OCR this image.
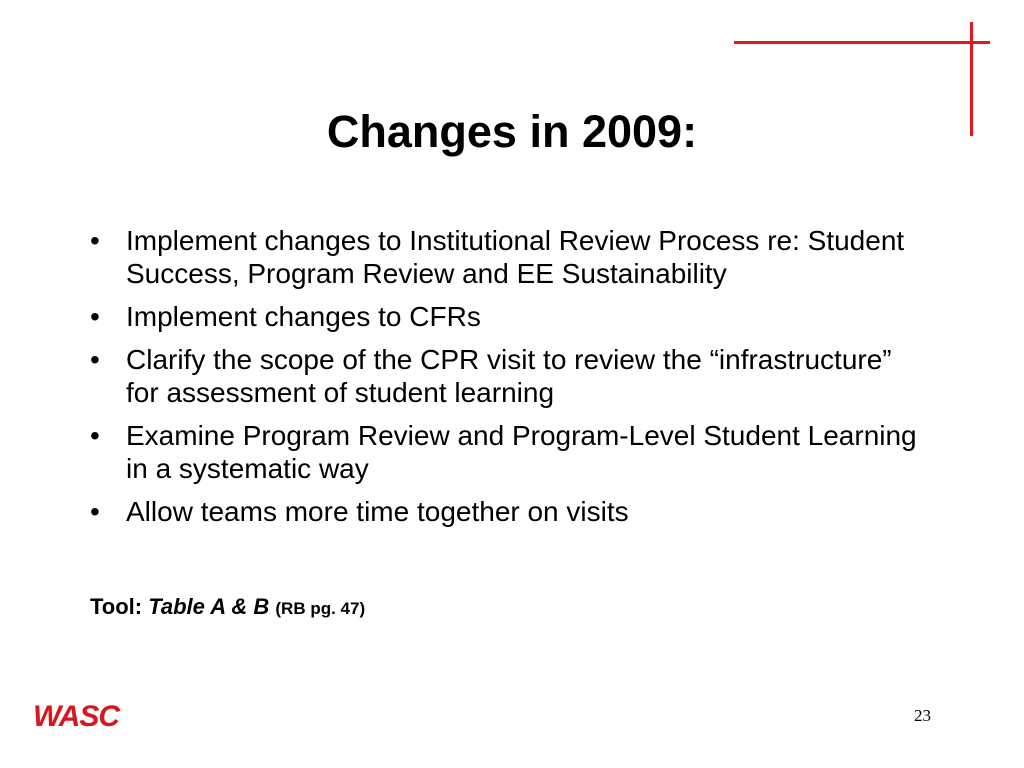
Changes in 2009:
• Implement changes to Institutional Review Process re: Student Success, Program Review and EE Sustainability
• Implement changes to CFRs
• Clarify the scope of the CPR visit to review the “infrastructure” for assessment of student learning
• Examine Program Review and Program-Level Student Learning in a systematic way
• Allow teams more time together on visits
Tool: Table A & B (RB pg. 47)
WASC	23
